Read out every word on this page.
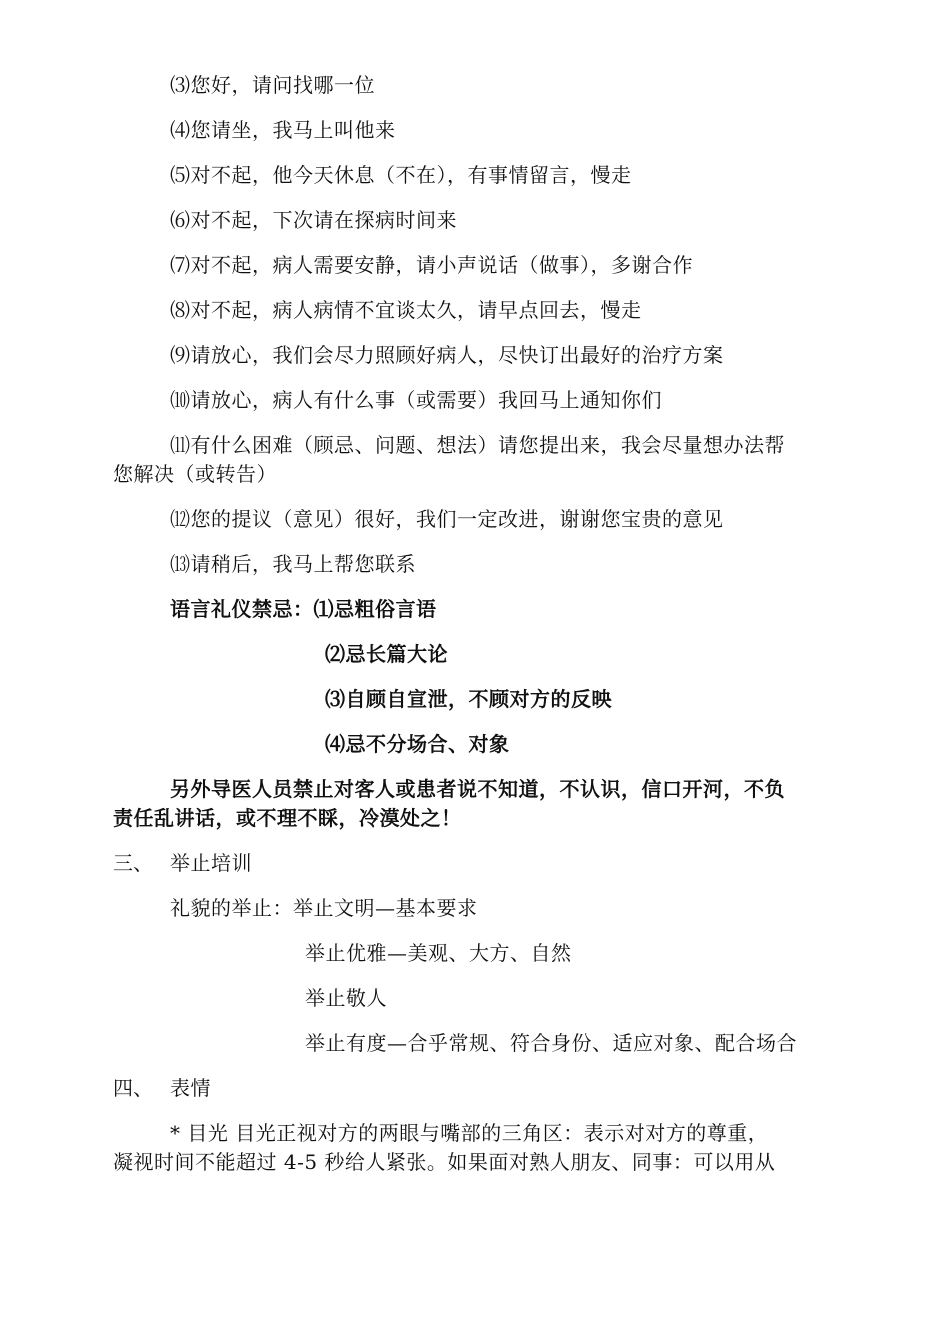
⑶您好，请问找哪一位
⑷您请坐，我马上叫他来
⑸对不起，他今天休息（不在），有事情留言，慢走
⑹对不起，下次请在探病时间来
⑺对不起，病人需要安静，请小声说话（做事），多谢合作
⑻对不起，病人病情不宜谈太久，请早点回去，慢走
⑼请放心，我们会尽力照顾好病人，尽快订出最好的治疗方案
⑽请放心，病人有什么事（或需要）我回马上通知你们
⑾有什么困难（顾忌、问题、想法）请您提出来，我会尽量想办法帮
您解决（或转告）
⑿您的提议（意见）很好，我们一定改进，谢谢您宝贵的意见
⒀请稍后，我马上帮您联系
语言礼仪禁忌：⑴忌粗俗言语
⑵忌长篇大论
⑶自顾自宣泄，不顾对方的反映
⑷忌不分场合、对象
另外导医人员禁止对客人或患者说不知道，不认识，信口开河，不负
责任乱讲话，或不理不睬，冷漠处之！
三、 举止培训
礼貌的举止：举止文明—基本要求
举止优雅—美观、大方、自然
举止敬人
举止有度—合乎常规、符合身份、适应对象、配合场合
四、 表情
* 目光 目光正视对方的两眼与嘴部的三角区：表示对对方的尊重，
凝视时间不能超过 4-5 秒给人紧张。如果面对熟人朋友、同事：可以用从
